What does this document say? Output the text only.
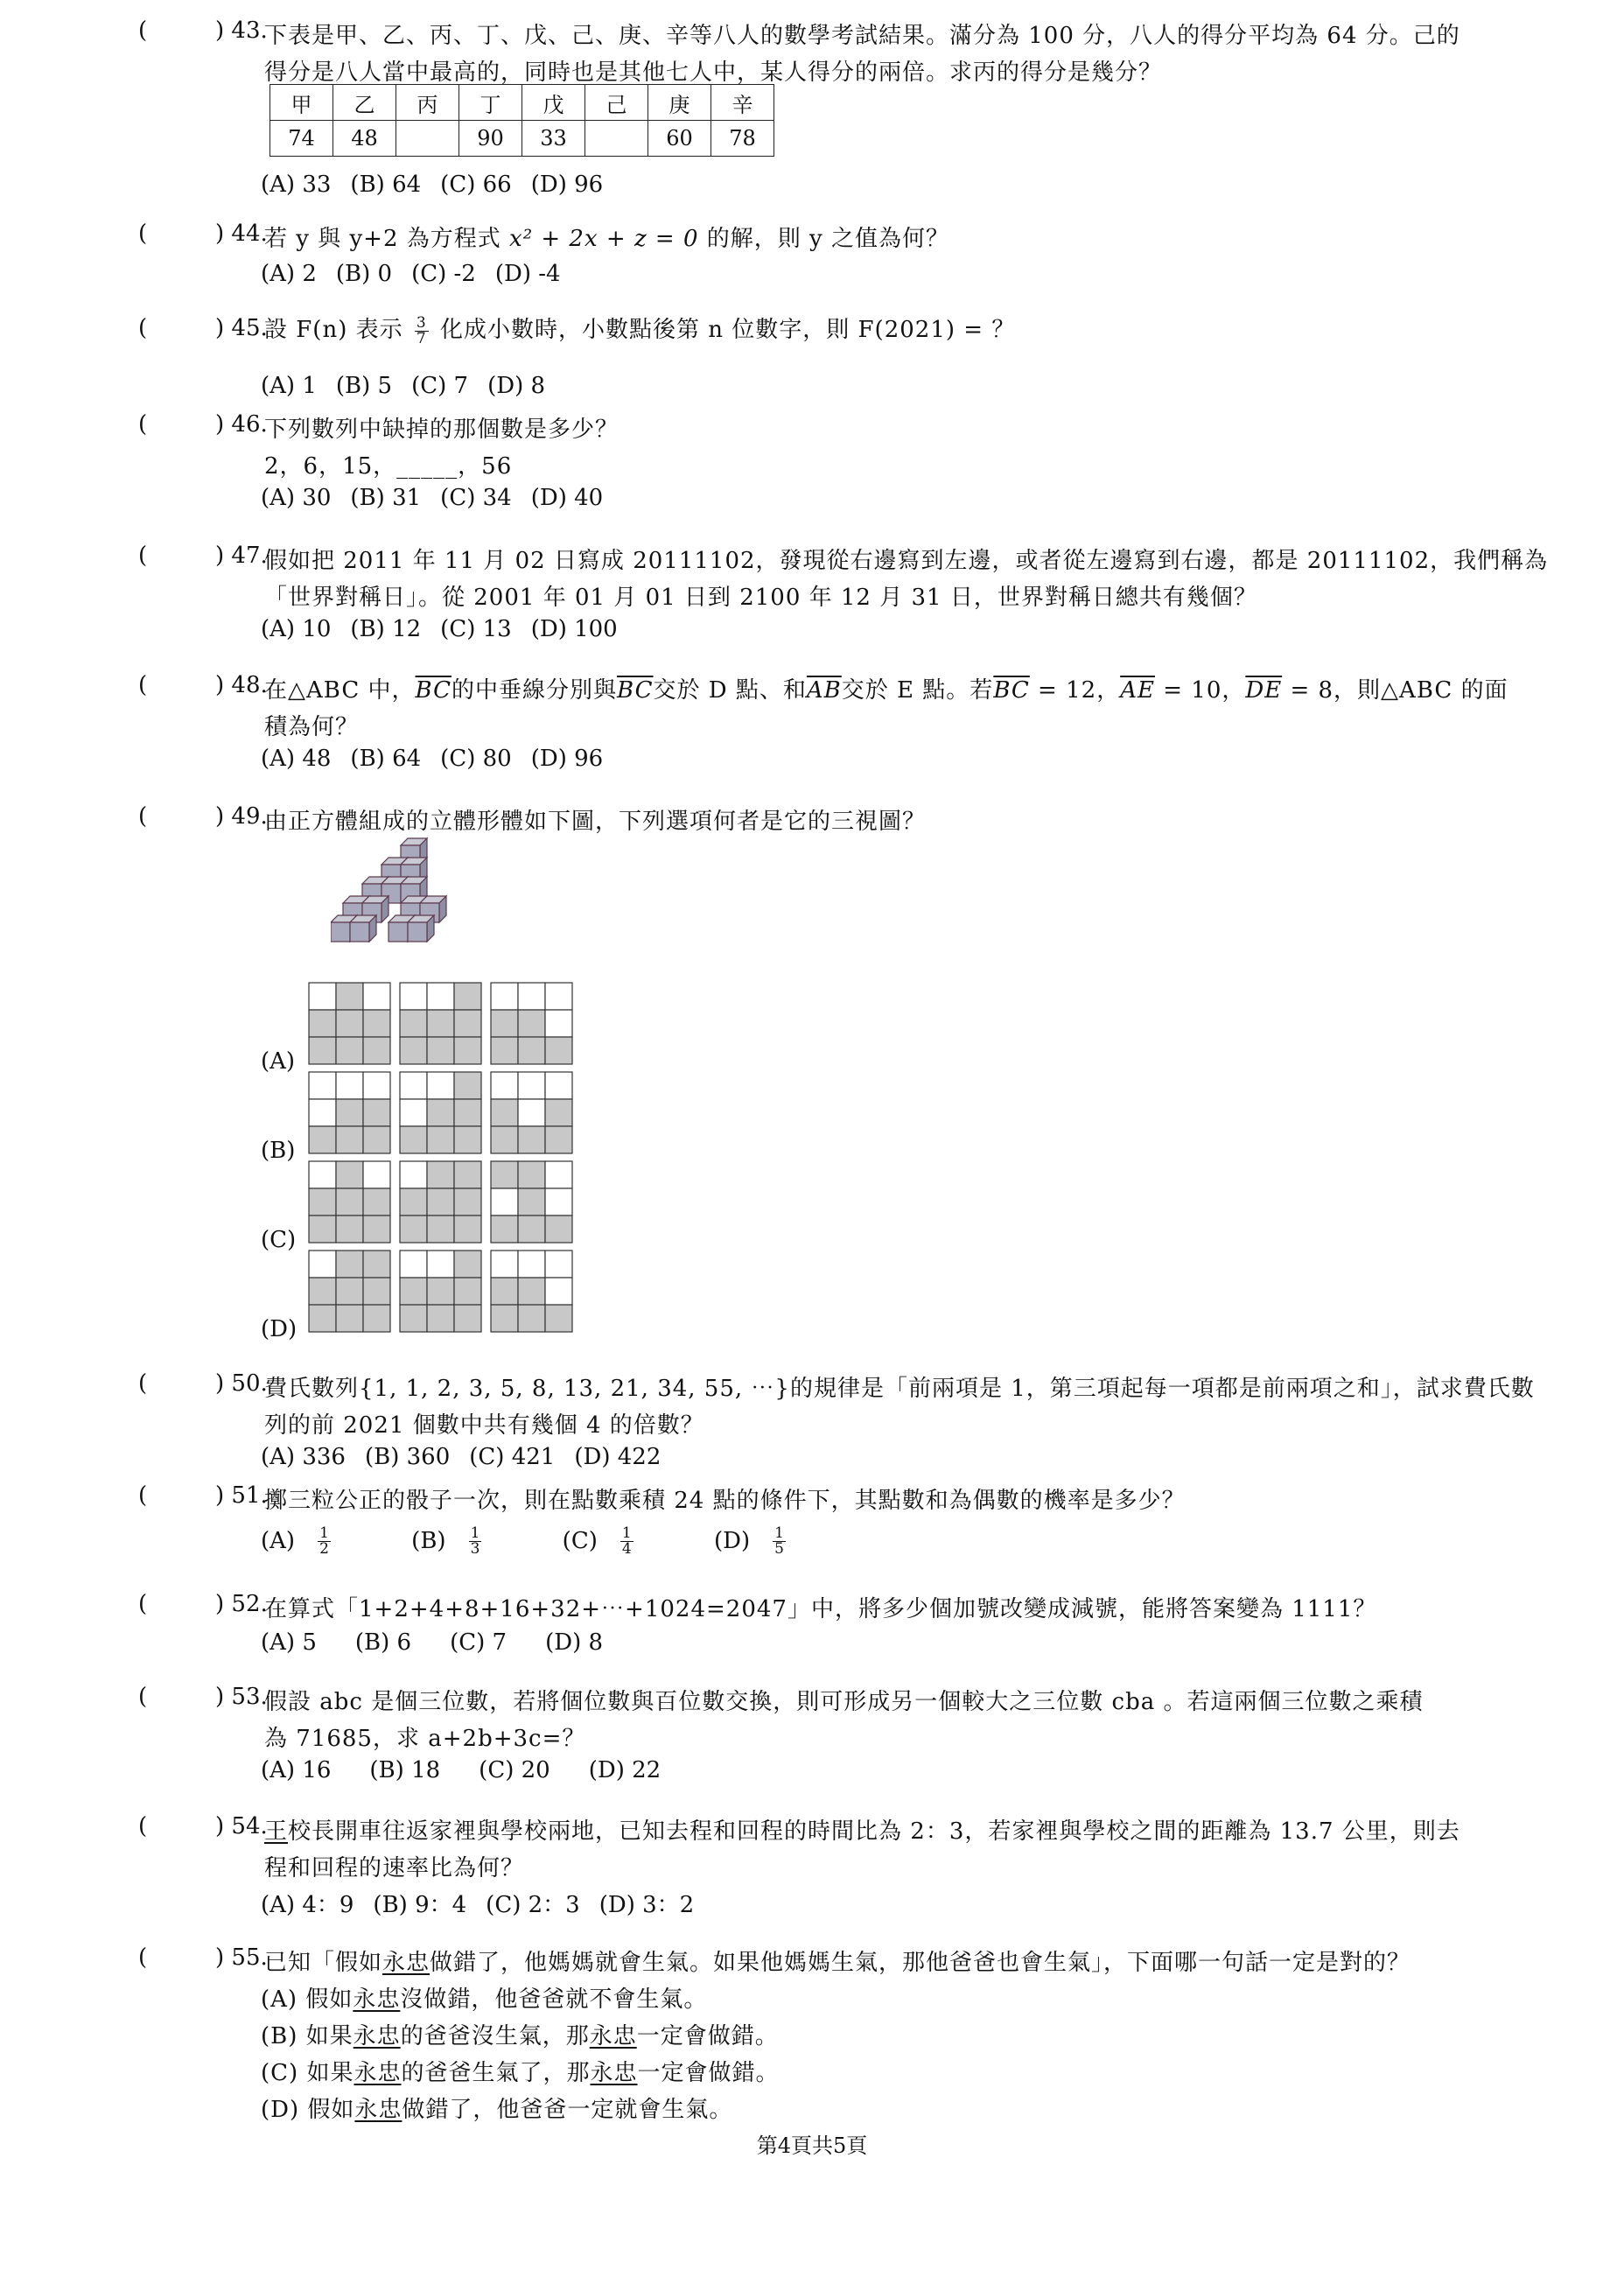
(	) 43.
下表是甲、乙、丙、丁、戊、己、庚、辛等八人的數學考試結果。滿分為 100 分，八人的得分平均為 64 分。己的
得分是八人當中最高的，同時也是其他七人中，某人得分的兩倍。求丙的得分是幾分？
甲	乙	丙	丁	戊	己	庚	辛
74	48		90	33		60	78
(A) 33 (B) 64 (C) 66 (D) 96
(	) 44.
若 y 與 y+2 為方程式 x² + 2x + z = 0 的解，則 y 之值為何？
(A) 2 (B) 0 (C) -2 (D) -4
(	) 45.
設 F(n) 表示 $\frac{3}{7}$ 化成小數時，小數點後第 n 位數字，則 F(2021) = ？
(A) 1 (B) 5 (C) 7 (D) 8
(	) 46.
下列數列中缺掉的那個數是多少？
2，6，15，_____，56
(A) 30 (B) 31 (C) 34 (D) 40
(	) 47.
假如把 2011 年 11 月 02 日寫成 20111102，發現從右邊寫到左邊，或者從左邊寫到右邊，都是 20111102，我們稱為
「世界對稱日」。從 2001 年 01 月 01 日到 2100 年 12 月 31 日，世界對稱日總共有幾個？
(A) 10 (B) 12 (C) 13 (D) 100
(	) 48.
在△ABC 中，$\overline{BC}$的中垂線分別與$\overline{BC}$交於 D 點、和$\overline{AB}$交於 E 點。若$\overline{BC} = 12$，$\overline{AE} = 10$，$\overline{DE} = 8$，則△ABC 的面
積為何？
(A) 48 (B) 64 (C) 80 (D) 96
(	) 49.
由正方體組成的立體形體如下圖，下列選項何者是它的三視圖？
(A)
(B)
(C)
(D)
(	) 50.
費氏數列{1, 1, 2, 3, 5, 8, 13, 21, 34, 55, ⋯}的規律是「前兩項是 1，第三項起每一項都是前兩項之和」，試求費氏數
列的前 2021 個數中共有幾個 4 的倍數？
(A) 336 (B) 360 (C) 421 (D) 422
(	) 51.
擲三粒公正的骰子一次，則在點數乘積 24 點的條件下，其點數和為偶數的機率是多少？
$(A) \frac{1}{2}$	$(B) \frac{1}{3}$	$(C) \frac{1}{4}$	$(D) \frac{1}{5}$
(	) 52.
在算式「1+2+4+8+16+32+⋯+1024=2047」中，將多少個加號改變成減號，能將答案變為 1111？
(A) 5 (B) 6 (C) 7 (D) 8
(	) 53.
假設 abc 是個三位數，若將個位數與百位數交換，則可形成另一個較大之三位數 cba 。若這兩個三位數之乘積
為 71685，求 a+2b+3c=？
(A) 16 (B) 18 (C) 20 (D) 22
(	) 54.
王校長開車往返家裡與學校兩地，已知去程和回程的時間比為 2：3，若家裡與學校之間的距離為 13.7 公里，則去
程和回程的速率比為何？
(A) 4：9 (B) 9：4 (C) 2：3 (D) 3：2
(	) 55.
已知「假如永忠做錯了，他媽媽就會生氣。如果他媽媽生氣，那他爸爸也會生氣」，下面哪一句話一定是對的？
(A) 假如永忠沒做錯，他爸爸就不會生氣。
(B) 如果永忠的爸爸沒生氣，那永忠一定會做錯。
(C) 如果永忠的爸爸生氣了，那永忠一定會做錯。
(D) 假如永忠做錯了，他爸爸一定就會生氣。
第4頁共5頁
